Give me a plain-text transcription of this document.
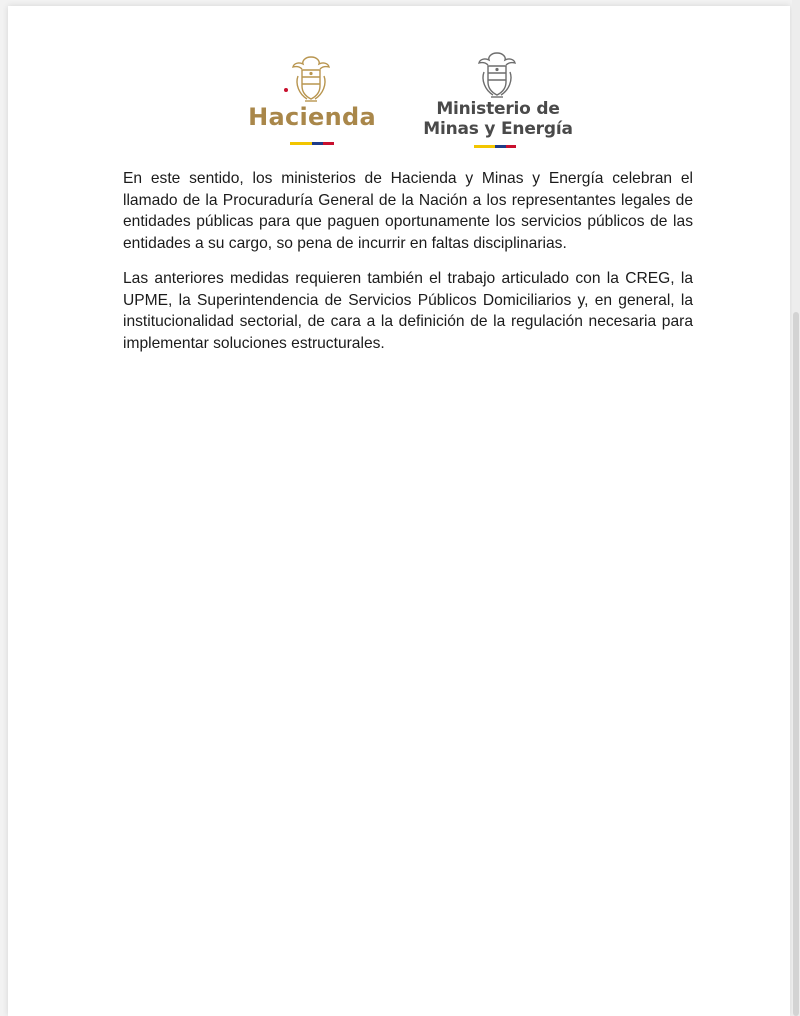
Hacienda	Ministerio de
Minas y Energía

En este sentido, los ministerios de Hacienda y Minas y Energía celebran el llamado de la Procuraduría General de la Nación a los representantes legales de entidades públicas para que paguen oportunamente los servicios públicos de las entidades a su cargo, so pena de incurrir en faltas disciplinarias.

Las anteriores medidas requieren también el trabajo articulado con la CREG, la UPME, la Superintendencia de Servicios Públicos Domiciliarios y, en general, la institucionalidad sectorial, de cara a la definición de la regulación necesaria para implementar soluciones estructurales.
